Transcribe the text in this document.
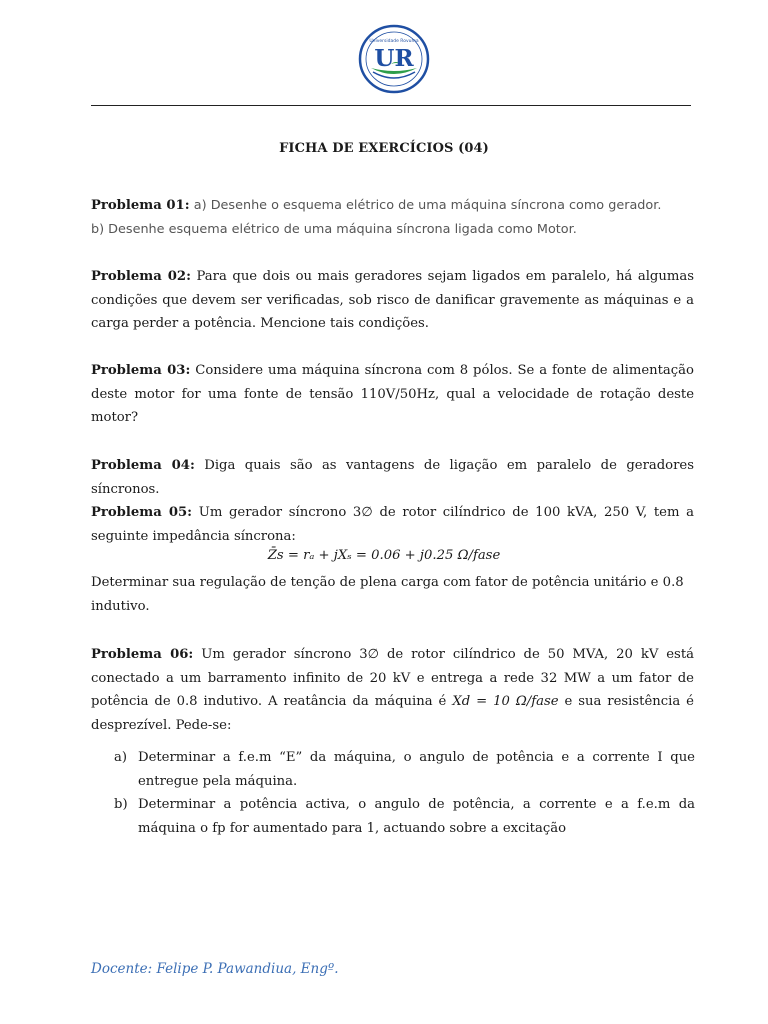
UR
Universidade Rovuma
FICHA DE EXERCÍCIOS (04)
Problema 01: a) Desenhe o esquema elétrico de uma máquina síncrona como gerador.
b) Desenhe esquema elétrico de uma máquina síncrona ligada como Motor.
Problema 02: Para que dois ou mais geradores sejam ligados em paralelo, há algumas condições que devem ser verificadas, sob risco de danificar gravemente as máquinas e a carga perder a potência. Mencione tais condições.
Problema 03: Considere uma máquina síncrona com 8 pólos. Se a fonte de alimentação deste motor for uma fonte de tensão 110V/50Hz, qual a velocidade de rotação deste motor?
Problema 04: Diga quais são as vantagens de ligação em paralelo de geradores síncronos.
Problema 05: Um gerador síncrono 3∅ de rotor cilíndrico de 100 kVA, 250 V, tem a seguinte impedância síncrona:
Z̄s = rₐ + jXₛ = 0.06 + j0.25 Ω/fase
Determinar sua regulação de tenção de plena carga com fator de potência unitário e 0.8 indutivo.
Problema 06: Um gerador síncrono 3∅ de rotor cilíndrico de 50 MVA, 20 kV está conectado a um barramento infinito de 20 kV e entrega a rede 32 MW a um fator de potência de 0.8 indutivo. A reatância da máquina é Xd = 10 Ω/fase e sua resistência é desprezível. Pede-se:
a) Determinar a f.e.m “E” da máquina, o angulo de potência e a corrente I que entregue pela máquina.
b) Determinar a potência activa, o angulo de potência, a corrente e a f.e.m da máquina o fp for aumentado para 1, actuando sobre a excitação
Docente: Felipe P. Pawandiua, Engº.
